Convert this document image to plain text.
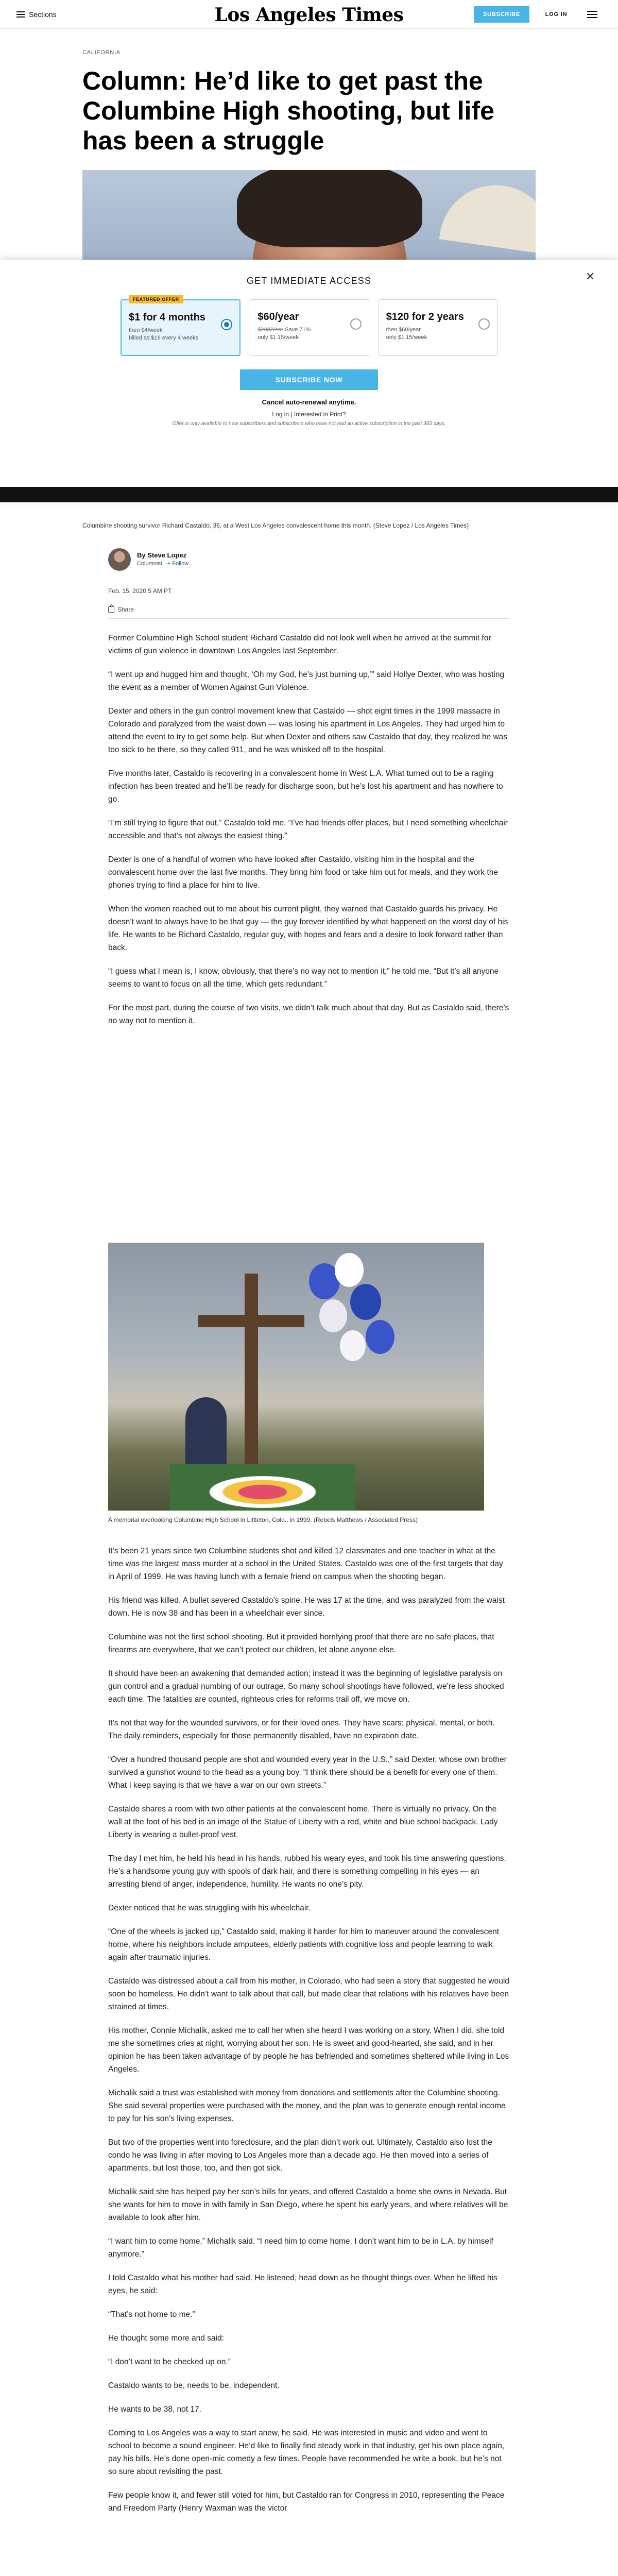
Sections	Los Angeles Times	SUBSCRIBE	LOG IN
CALIFORNIA
Column: He’d like to get past the Columbine High shooting, but life has been a struggle
✕
GET IMMEDIATE ACCESS
FEATURED OFFER
$1 for 4 months
then $4/week
billed as $16 every 4 weeks
$60/year
$208/Year Save 71%
only $1.15/week
$120 for 2 years
then $60/year
only $1.15/week
SUBSCRIBE NOW
Cancel auto-renewal anytime.
Log in | Interested in Print?
Offer is only available to new subscribers and subscribers who have not had an active subscription in the past 365 days.
Columbine shooting survivor Richard Castaldo, 36, at a West Los Angeles convalescent home this month. (Steve Lopez / Los Angeles Times)
By Steve Lopez
Columnist + Follow
Feb. 15, 2020 5 AM PT
Share

Former Columbine High School student Richard Castaldo did not look well when he arrived at the summit for victims of gun violence in downtown Los Angeles last September.

“I went up and hugged him and thought, ‘Oh my God, he’s just burning up,’” said Hollye Dexter, who was hosting the event as a member of Women Against Gun Violence.

Dexter and others in the gun control movement knew that Castaldo — shot eight times in the 1999 massacre in Colorado and paralyzed from the waist down — was losing his apartment in Los Angeles. They had urged him to attend the event to try to get some help. But when Dexter and others saw Castaldo that day, they realized he was too sick to be there, so they called 911, and he was whisked off to the hospital.

Five months later, Castaldo is recovering in a convalescent home in West L.A. What turned out to be a raging infection has been treated and he’ll be ready for discharge soon, but he’s lost his apartment and has nowhere to go.

“I’m still trying to figure that out,” Castaldo told me. “I’ve had friends offer places, but I need something wheelchair accessible and that’s not always the easiest thing.”

Dexter is one of a handful of women who have looked after Castaldo, visiting him in the hospital and the convalescent home over the last five months. They bring him food or take him out for meals, and they work the phones trying to find a place for him to live.

When the women reached out to me about his current plight, they warned that Castaldo guards his privacy. He doesn’t want to always have to be that guy — the guy forever identified by what happened on the worst day of his life. He wants to be Richard Castaldo, regular guy, with hopes and fears and a desire to look forward rather than back.

“I guess what I mean is, I know, obviously, that there’s no way not to mention it,” he told me. “But it’s all anyone seems to want to focus on all the time, which gets redundant.”

For the most part, during the course of two visits, we didn’t talk much about that day. But as Castaldo said, there’s no way not to mention it.

A memorial overlooking Columbine High School in Littleton, Colo., in 1999. (Rebels Matthews / Associated Press)

It’s been 21 years since two Columbine students shot and killed 12 classmates and one teacher in what at the time was the largest mass murder at a school in the United States. Castaldo was one of the first targets that day in April of 1999. He was having lunch with a female friend on campus when the shooting began.

His friend was killed. A bullet severed Castaldo’s spine. He was 17 at the time, and was paralyzed from the waist down. He is now 38 and has been in a wheelchair ever since.

Columbine was not the first school shooting. But it provided horrifying proof that there are no safe places, that firearms are everywhere, that we can’t protect our children, let alone anyone else.

It should have been an awakening that demanded action; instead it was the beginning of legislative paralysis on gun control and a gradual numbing of our outrage. So many school shootings have followed, we’re less shocked each time. The fatalities are counted, righteous cries for reforms trail off, we move on.

It’s not that way for the wounded survivors, or for their loved ones. They have scars: physical, mental, or both. The daily reminders, especially for those permanently disabled, have no expiration date.

“Over a hundred thousand people are shot and wounded every year in the U.S.,” said Dexter, whose own brother survived a gunshot wound to the head as a young boy. “I think there should be a benefit for every one of them. What I keep saying is that we have a war on our own streets.”

Castaldo shares a room with two other patients at the convalescent home. There is virtually no privacy. On the wall at the foot of his bed is an image of the Statue of Liberty with a red, white and blue school backpack. Lady Liberty is wearing a bullet-proof vest.

The day I met him, he held his head in his hands, rubbed his weary eyes, and took his time answering questions. He’s a handsome young guy with spools of dark hair, and there is something compelling in his eyes — an arresting blend of anger, independence, humility. He wants no one’s pity.

Dexter noticed that he was struggling with his wheelchair.

“One of the wheels is jacked up,” Castaldo said, making it harder for him to maneuver around the convalescent home, where his neighbors include amputees, elderly patients with cognitive loss and people learning to walk again after traumatic injuries.

Castaldo was distressed about a call from his mother, in Colorado, who had seen a story that suggested he would soon be homeless. He didn’t want to talk about that call, but made clear that relations with his relatives have been strained at times.

His mother, Connie Michalik, asked me to call her when she heard I was working on a story. When I did, she told me she sometimes cries at night, worrying about her son. He is sweet and good-hearted, she said, and in her opinion he has been taken advantage of by people he has befriended and sometimes sheltered while living in Los Angeles.

Michalik said a trust was established with money from donations and settlements after the Columbine shooting. She said several properties were purchased with the money, and the plan was to generate enough rental income to pay for his son’s living expenses.

But two of the properties went into foreclosure, and the plan didn’t work out. Ultimately, Castaldo also lost the condo he was living in after moving to Los Angeles more than a decade ago. He then moved into a series of apartments, but lost those, too, and then got sick.

Michalik said she has helped pay her son’s bills for years, and offered Castaldo a home she owns in Nevada. But she wants for him to move in with family in San Diego, where he spent his early years, and where relatives will be available to look after him.

“I want him to come home,” Michalik said. “I need him to come home. I don’t want him to be in L.A. by himself anymore.”

I told Castaldo what his mother had said. He listened, head down as he thought things over. When he lifted his eyes, he said:

“That’s not home to me.”

He thought some more and said:

“I don’t want to be checked up on.”

Castaldo wants to be, needs to be, independent.

He wants to be 38, not 17.

Coming to Los Angeles was a way to start anew, he said. He was interested in music and video and went to school to become a sound engineer. He’d like to finally find steady work in that industry, get his own place again, pay his bills. He’s done open-mic comedy a few times. People have recommended he write a book, but he’s not so sure about revisiting the past.

Few people know it, and fewer still voted for him, but Castaldo ran for Congress in 2010, representing the Peace and Freedom Party (Henry Waxman was the victor
